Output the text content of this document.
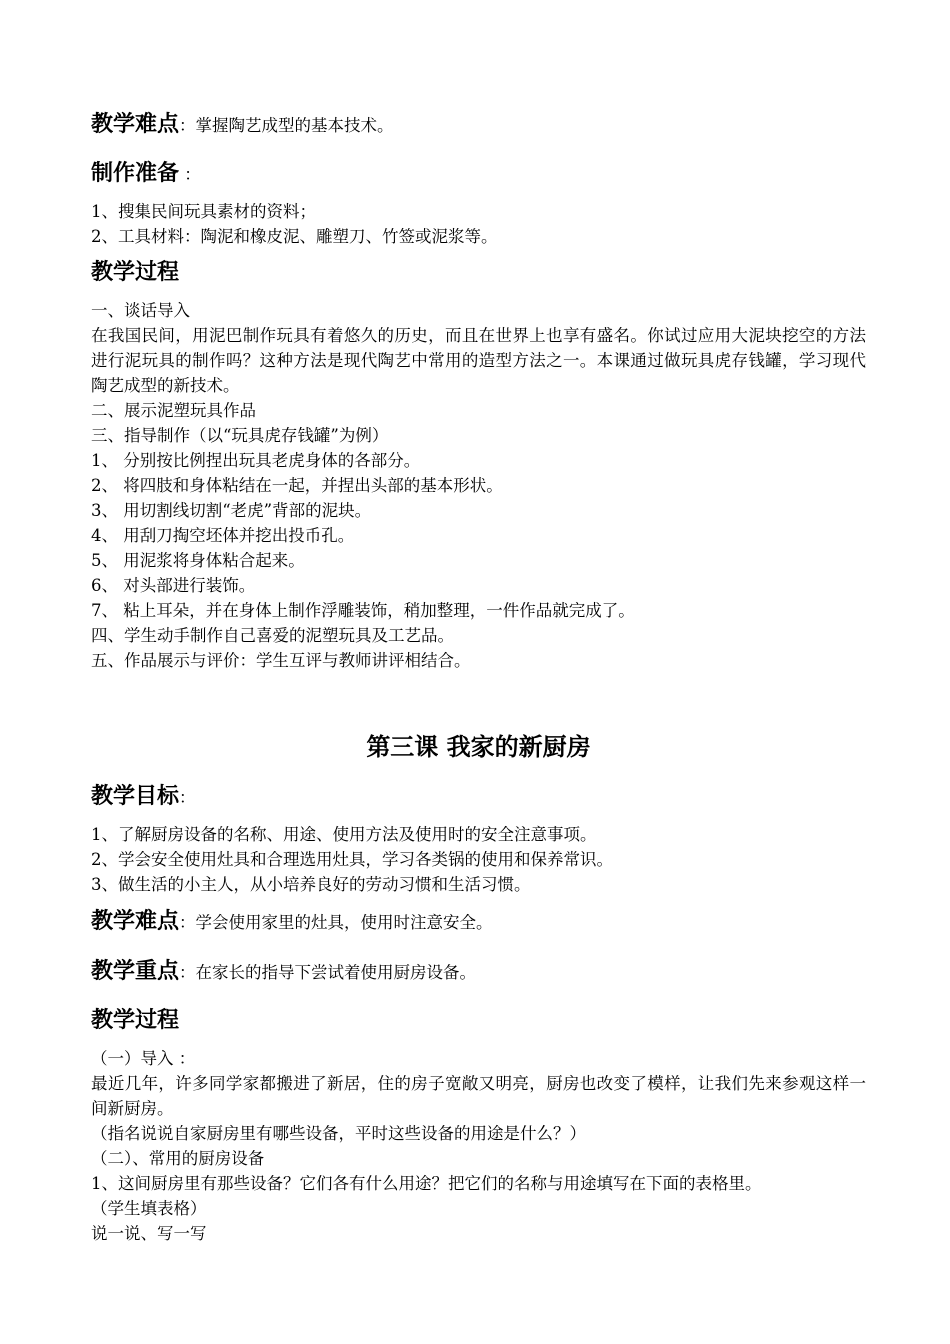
教学难点：掌握陶艺成型的基本技术。
制作准备 ：
1、搜集民间玩具素材的资料；
2、工具材料：陶泥和橡皮泥、雕塑刀、竹签或泥浆等。
教学过程
一、谈话导入
在我国民间，用泥巴制作玩具有着悠久的历史，而且在世界上也享有盛名。你试过应用大泥块挖空的方法进行泥玩具的制作吗？这种方法是现代陶艺中常用的造型方法之一。本课通过做玩具虎存钱罐，学习现代陶艺成型的新技术。
二、展示泥塑玩具作品
三、指导制作（以“玩具虎存钱罐”为例）
1、 分别按比例捏出玩具老虎身体的各部分。
2、 将四肢和身体粘结在一起，并捏出头部的基本形状。
3、 用切割线切割“老虎”背部的泥块。
4、 用刮刀掏空坯体并挖出投币孔。
5、 用泥浆将身体粘合起来。
6、 对头部进行装饰。
7、 粘上耳朵，并在身体上制作浮雕装饰，稍加整理，一件作品就完成了。
四、学生动手制作自己喜爱的泥塑玩具及工艺品。
五、作品展示与评价：学生互评与教师讲评相结合。
第三课 我家的新厨房
教学目标：
1、了解厨房设备的名称、用途、使用方法及使用时的安全注意事项。
2、学会安全使用灶具和合理选用灶具，学习各类锅的使用和保养常识。
3、做生活的小主人，从小培养良好的劳动习惯和生活习惯。
教学难点：学会使用家里的灶具，使用时注意安全。
教学重点：在家长的指导下尝试着使用厨房设备。
教学过程
（一）导入 ：
最近几年，许多同学家都搬进了新居，住的房子宽敞又明亮，厨房也改变了模样，让我们先来参观这样一间新厨房。
（指名说说自家厨房里有哪些设备，平时这些设备的用途是什么？）
（二）、常用的厨房设备
1、这间厨房里有那些设备？它们各有什么用途？把它们的名称与用途填写在下面的表格里。
（学生填表格）
说一说、写一写
